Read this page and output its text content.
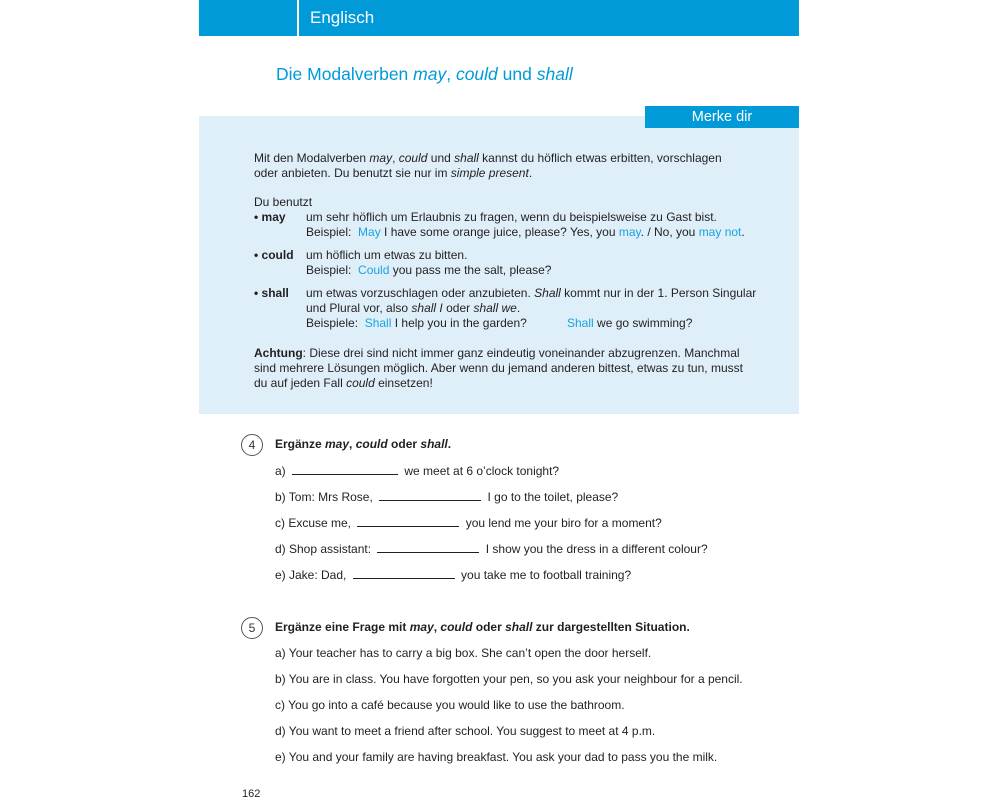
Englisch
Die Modalverben may, could und shall
Merke dir
Mit den Modalverben may, could und shall kannst du höflich etwas erbitten, vorschlagen
oder anbieten. Du benutzt sie nur im simple present.
Du benutzt
• may um sehr höflich um Erlaubnis zu fragen, wenn du beispielsweise zu Gast bist.
Beispiel: May I have some orange juice, please? Yes, you may. / No, you may not.
• could um höflich um etwas zu bitten.
Beispiel: Could you pass me the salt, please?
• shall um etwas vorzuschlagen oder anzubieten. Shall kommt nur in der 1. Person Singular
und Plural vor, also shall I oder shall we.
Beispiele: Shall I help you in the garden?	Shall we go swimming?
Achtung: Diese drei sind nicht immer ganz eindeutig voneinander abzugrenzen. Manchmal
sind mehrere Lösungen möglich. Aber wenn du jemand anderen bittest, etwas zu tun, musst
du auf jeden Fall could einsetzen!
4	Ergänze may, could oder shall.
a)	we meet at 6 o’clock tonight?
b) Tom: Mrs Rose,	I go to the toilet, please?
c) Excuse me,	you lend me your biro for a moment?
d) Shop assistant:	I show you the dress in a different colour?
e) Jake: Dad,	you take me to football training?
5	Ergänze eine Frage mit may, could oder shall zur dargestellten Situation.
a) Your teacher has to carry a big box. She can’t open the door herself.
b) You are in class. You have forgotten your pen, so you ask your neighbour for a pencil.
c) You go into a café because you would like to use the bathroom.
d) You want to meet a friend after school. You suggest to meet at 4 p.m.
e) You and your family are having breakfast. You ask your dad to pass you the milk.
162
